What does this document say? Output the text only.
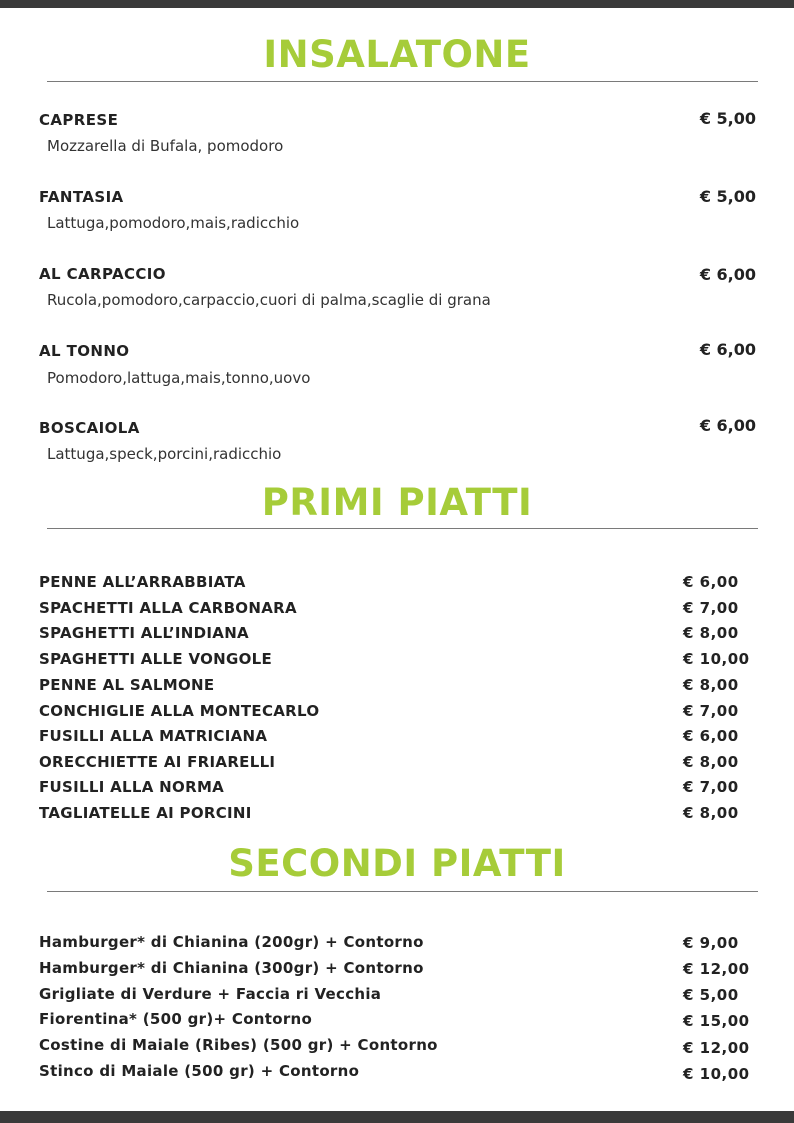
INSALATONE
CAPRESE	€ 5,00
Mozzarella di Bufala, pomodoro
FANTASIA	€ 5,00
Lattuga,pomodoro,mais,radicchio
AL CARPACCIO	€ 6,00
Rucola,pomodoro,carpaccio,cuori di palma,scaglie di grana
AL TONNO	€ 6,00
Pomodoro,lattuga,mais,tonno,uovo
BOSCAIOLA	€ 6,00
Lattuga,speck,porcini,radicchio
PRIMI PIATTI
PENNE ALL’ARRABBIATA	€ 6,00
SPACHETTI ALLA CARBONARA	€ 7,00
SPAGHETTI ALL’INDIANA	€ 8,00
SPAGHETTI ALLE VONGOLE	€ 10,00
PENNE AL SALMONE	€ 8,00
CONCHIGLIE ALLA MONTECARLO	€ 7,00
FUSILLI ALLA MATRICIANA	€ 6,00
ORECCHIETTE AI FRIARELLI	€ 8,00
FUSILLI ALLA NORMA	€ 7,00
TAGLIATELLE AI PORCINI	€ 8,00
SECONDI PIATTI
Hamburger* di Chianina (200gr) + Contorno	€ 9,00
Hamburger* di Chianina (300gr) + Contorno	€ 12,00
Grigliate di Verdure + Faccia ri Vecchia	€ 5,00
Fiorentina* (500 gr)+ Contorno	€ 15,00
Costine di Maiale (Ribes) (500 gr) + Contorno	€ 12,00
Stinco di Maiale (500 gr) + Contorno	€ 10,00
